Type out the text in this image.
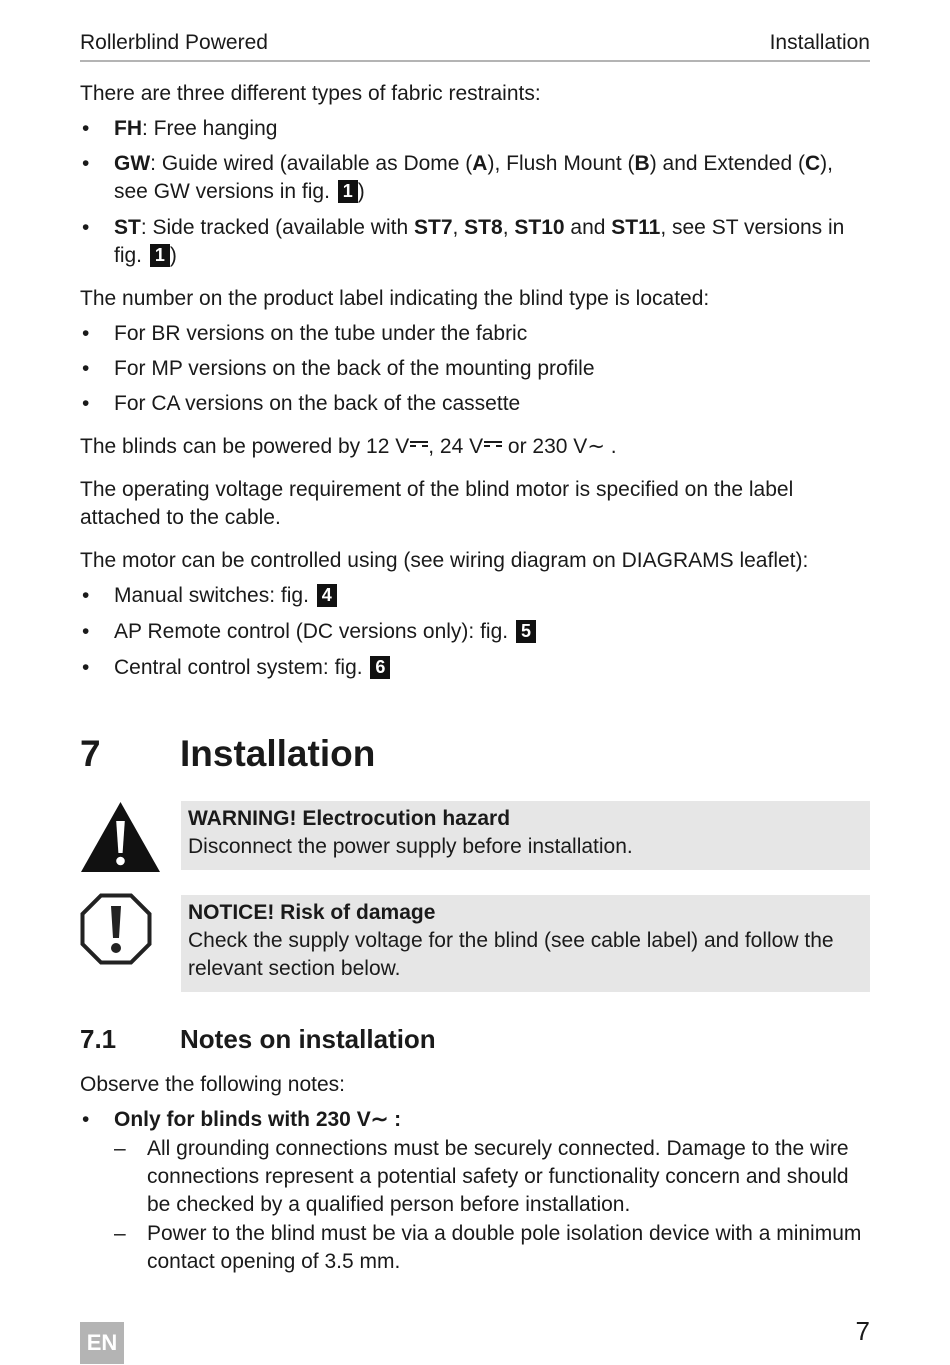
Rollerblind Powered	Installation

There are three different types of fabric restraints:

• FH: Free hanging
• GW: Guide wired (available as Dome (A), Flush Mount (B) and Extended (C), see GW versions in fig. 1 )
• ST: Side tracked (available with ST7, ST8, ST10 and ST11, see ST versions in fig. 1 )

The number on the product label indicating the blind type is located:

• For BR versions on the tube under the fabric
• For MP versions on the back of the mounting profile
• For CA versions on the back of the cassette

The blinds can be powered by 12 V , 24 V or 230 V∼ .

The operating voltage requirement of the blind motor is specified on the label attached to the cable.

The motor can be controlled using (see wiring diagram on DIAGRAMS leaflet):

• Manual switches: fig. 4
• AP Remote control (DC versions only): fig. 5
• Central control system: fig. 6
7 Installation
WARNING! Electrocution hazard
Disconnect the power supply before installation.
NOTICE! Risk of damage
Check the supply voltage for the blind (see cable label) and follow the relevant section below.
7.1 Notes on installation

Observe the following notes:

• Only for blinds with 230 V∼ :
– All grounding connections must be securely connected. Damage to the wire connections represent a potential safety or functionality concern and should be checked by a qualified person before installation.
– Power to the blind must be via a double pole isolation device with a minimum contact opening of 3.5 mm.
EN	7
